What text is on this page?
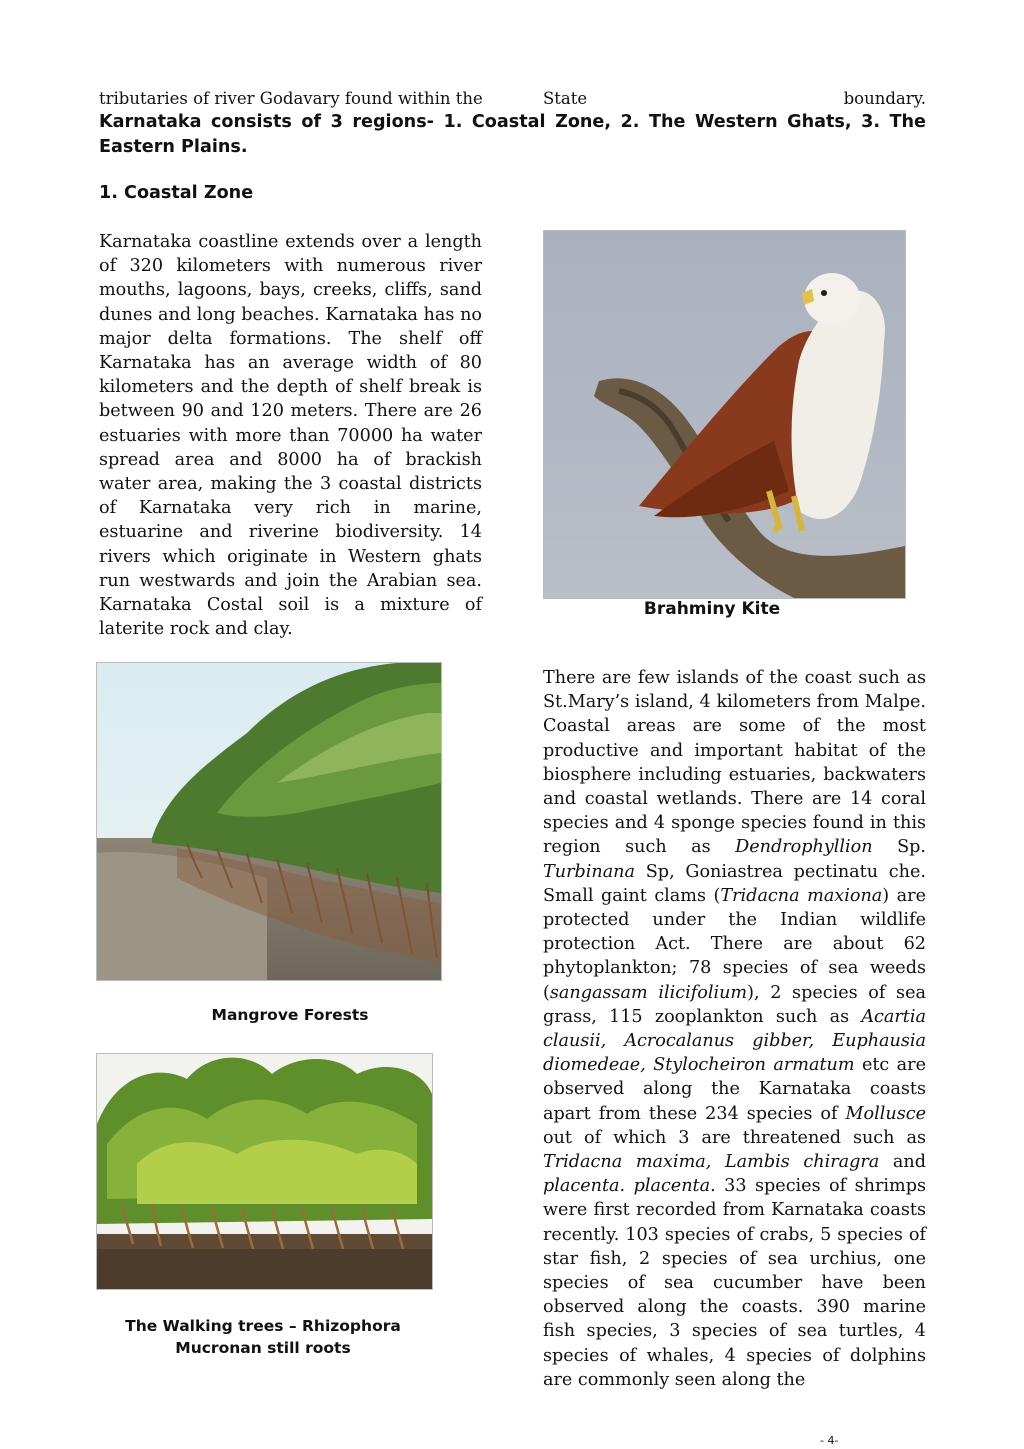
tributaries of river Godavary found within the	State	boundary.
Karnataka consists of 3 regions- 1. Coastal Zone, 2. The Western Ghats, 3. The Eastern Plains.
1. Coastal Zone
Karnataka coastline extends over a length of 320 kilometers with numerous river mouths, lagoons, bays, creeks, cliffs, sand dunes and long beaches. Karnataka has no major delta formations. The shelf off Karnataka has an average width of 80 kilometers and the depth of shelf break is between 90 and 120 meters. There are 26 estuaries with more than 70000 ha water spread area and 8000 ha of brackish water area, making the 3 coastal districts of Karnataka very rich in marine, estuarine and riverine biodiversity. 14 rivers which originate in Western ghats run westwards and join the Arabian sea. Karnataka Costal soil is a mixture of laterite rock and clay.
Brahminy Kite
Mangrove Forests
The Walking trees – Rhizophora
Mucronan still roots
There are few islands of the coast such as St.Mary’s island, 4 kilometers from Malpe. Coastal areas are some of the most productive and important habitat of the biosphere including estuaries, backwaters and coastal wetlands. There are 14 coral species and 4 sponge species found in this region such as Dendrophyllion Sp. Turbinana Sp, Goniastrea pectinatu che. Small gaint clams (Tridacna maxiona) are protected under the Indian wildlife protection Act. There are about 62 phytoplankton; 78 species of sea weeds (sangassam ilicifolium), 2 species of sea grass, 115 zooplankton such as Acartia clausii, Acrocalanus gibber, Euphausia diomedeae, Stylocheiron armatum etc are observed along the Karnataka coasts apart from these 234 species of Mollusce out of which 3 are threatened such as Tridacna maxima, Lambis chiragra and placenta. placenta. 33 species of shrimps were first recorded from Karnataka coasts recently. 103 species of crabs, 5 species of star fish, 2 species of sea urchius, one species of sea cucumber have been observed along the coasts. 390 marine fish species, 3 species of sea turtles, 4 species of whales, 4 species of dolphins are commonly seen along the
- 4-
